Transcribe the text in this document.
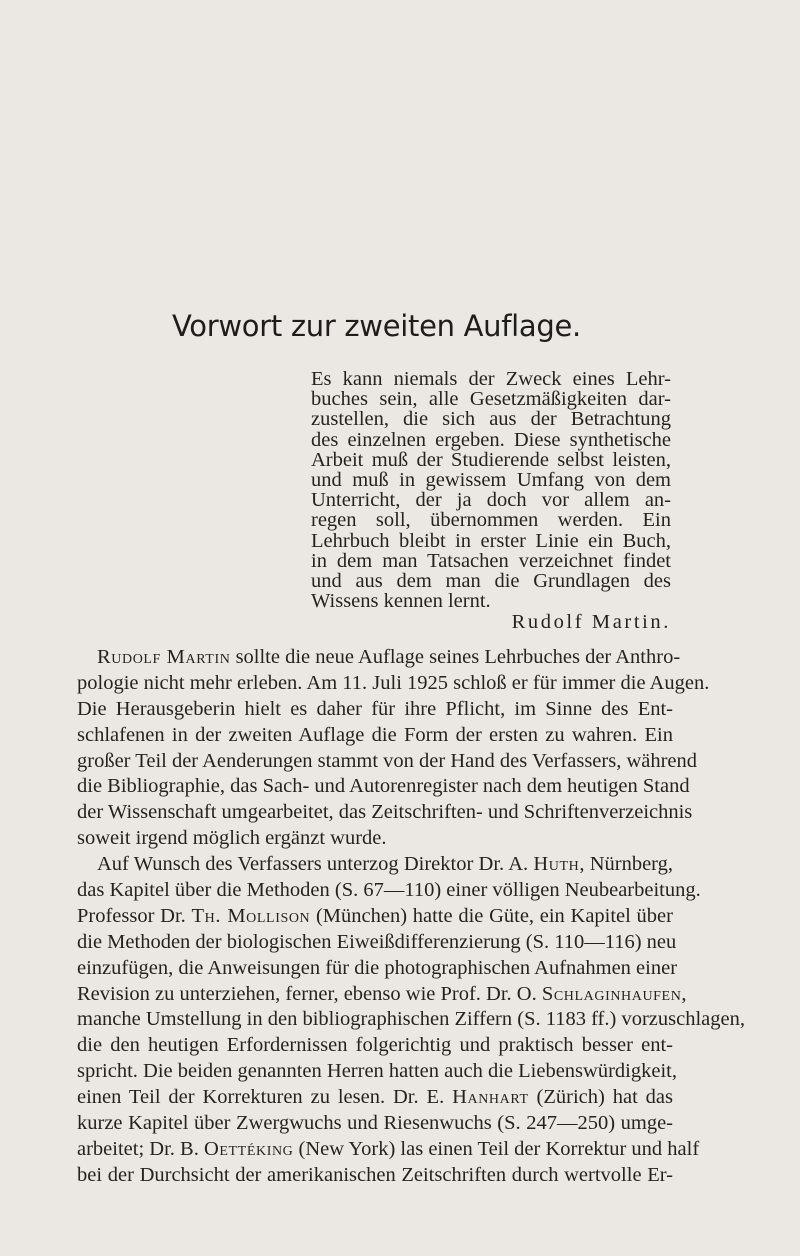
Vorwort zur zweiten Auflage.
Es kann niemals der Zweck eines Lehr-
buches sein, alle Gesetzmäßigkeiten dar-
zustellen, die sich aus der Betrachtung
des einzelnen ergeben. Diese synthetische
Arbeit muß der Studierende selbst leisten,
und muß in gewissem Umfang von dem
Unterricht, der ja doch vor allem an-
regen soll, übernommen werden. Ein
Lehrbuch bleibt in erster Linie ein Buch,
in dem man Tatsachen verzeichnet findet
und aus dem man die Grundlagen des
Wissens kennen lernt.
Rudolf Martin.
Rudolf Martin sollte die neue Auflage seines Lehrbuches der Anthro-
pologie nicht mehr erleben. Am 11. Juli 1925 schloß er für immer die Augen.
Die Herausgeberin hielt es daher für ihre Pflicht, im Sinne des Ent-
schlafenen in der zweiten Auflage die Form der ersten zu wahren. Ein
großer Teil der Aenderungen stammt von der Hand des Verfassers, während
die Bibliographie, das Sach- und Autorenregister nach dem heutigen Stand
der Wissenschaft umgearbeitet, das Zeitschriften- und Schriftenverzeichnis
soweit irgend möglich ergänzt wurde.
Auf Wunsch des Verfassers unterzog Direktor Dr. A. Huth, Nürnberg,
das Kapitel über die Methoden (S. 67—110) einer völligen Neubearbeitung.
Professor Dr. Th. Mollison (München) hatte die Güte, ein Kapitel über
die Methoden der biologischen Eiweißdifferenzierung (S. 110—116) neu
einzufügen, die Anweisungen für die photographischen Aufnahmen einer
Revision zu unterziehen, ferner, ebenso wie Prof. Dr. O. Schlaginhaufen,
manche Umstellung in den bibliographischen Ziffern (S. 1183 ff.) vorzuschlagen,
die den heutigen Erfordernissen folgerichtig und praktisch besser ent-
spricht. Die beiden genannten Herren hatten auch die Liebenswürdigkeit,
einen Teil der Korrekturen zu lesen. Dr. E. Hanhart (Zürich) hat das
kurze Kapitel über Zwergwuchs und Riesenwuchs (S. 247—250) umge-
arbeitet; Dr. B. Oettéking (New York) las einen Teil der Korrektur und half
bei der Durchsicht der amerikanischen Zeitschriften durch wertvolle Er-
